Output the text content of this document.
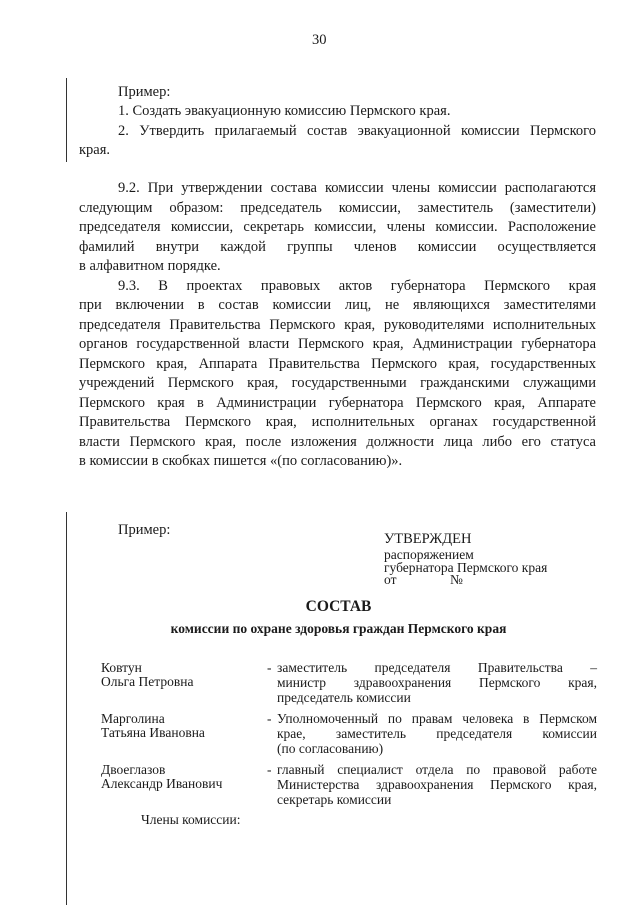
30
Пример:
1. Создать эвакуационную комиссию Пермского края.
2. Утвердить прилагаемый состав эвакуационной комиссии Пермского
края.
9.2. При утверждении состава комиссии члены комиссии располагаются
следующим образом: председатель комиссии, заместитель (заместители)
председателя комиссии, секретарь комиссии, члены комиссии. Расположение
фамилий внутри каждой группы членов комиссии осуществляется
в алфавитном порядке.
9.3. В проектах правовых актов губернатора Пермского края
при включении в состав комиссии лиц, не являющихся заместителями
председателя Правительства Пермского края, руководителями исполнительных
органов государственной власти Пермского края, Администрации губернатора
Пермского края, Аппарата Правительства Пермского края, государственных
учреждений Пермского края, государственными гражданскими служащими
Пермского края в Администрации губернатора Пермского края, Аппарате
Правительства Пермского края, исполнительных органах государственной
власти Пермского края, после изложения должности лица либо его статуса
в комиссии в скобках пишется «(по согласованию)».
Пример:
УТВЕРЖДЕН
распоряжением
губернатора Пермского края
от	№
СОСТАВ
комиссии по охране здоровья граждан Пермского края
Ковтун
Ольга Петровна
- заместитель председателя Правительства –
министр здравоохранения Пермского края,
председатель комиссии
Марголина
Татьяна Ивановна
- Уполномоченный по правам человека в Пермском
крае, заместитель председателя комиссии
(по согласованию)
Двоеглазов
Александр Иванович
- главный специалист отдела по правовой работе
Министерства здравоохранения Пермского края,
секретарь комиссии
Члены комиссии:
